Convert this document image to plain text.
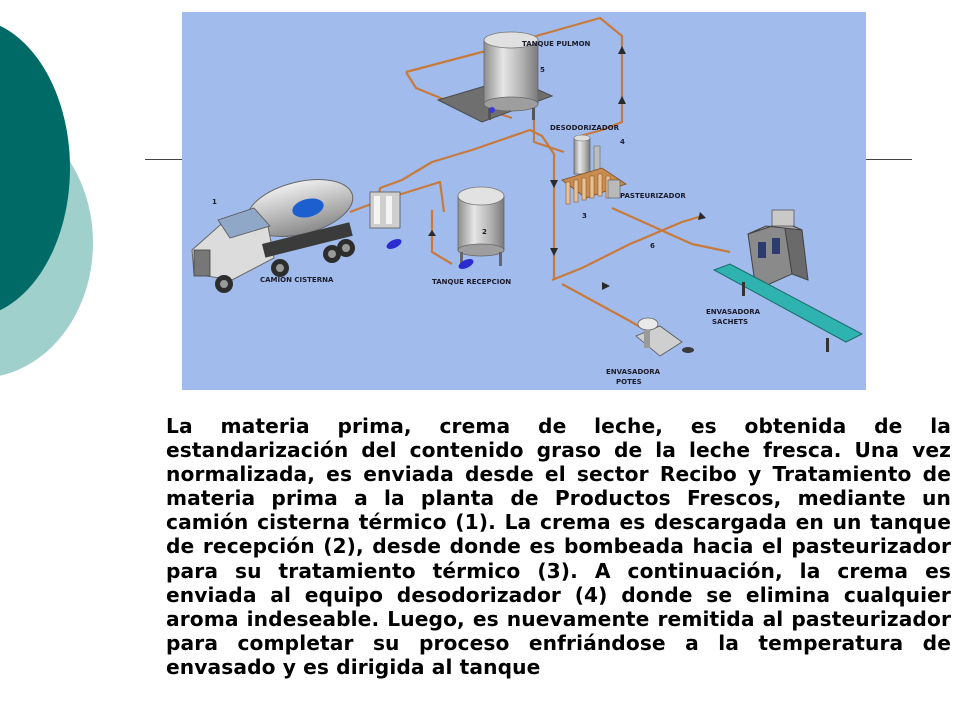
CAMION CISTERNA	TANQUE RECEPCION
TANQUE PULMON
DESODORIZADOR
PASTEURIZADOR
ENVASADORA
SACHETS
ENVASADORA
POTES
1
2
3
4
5
6

La materia prima, crema de leche, es obtenida de la estandarización del contenido graso de la leche fresca. Una vez normalizada, es enviada desde el sector Recibo y Tratamiento de materia prima a la planta de Productos Frescos, mediante un camión cisterna térmico (1). La crema es descargada en un tanque de recepción (2), desde donde es bombeada hacia el pasteurizador para su tratamiento térmico (3). A continuación, la crema es enviada al equipo desodorizador (4) donde se elimina cualquier aroma indeseable. Luego, es nuevamente remitida al pasteurizador para completar su proceso enfriándose a la temperatura de envasado y es dirigida al tanque
